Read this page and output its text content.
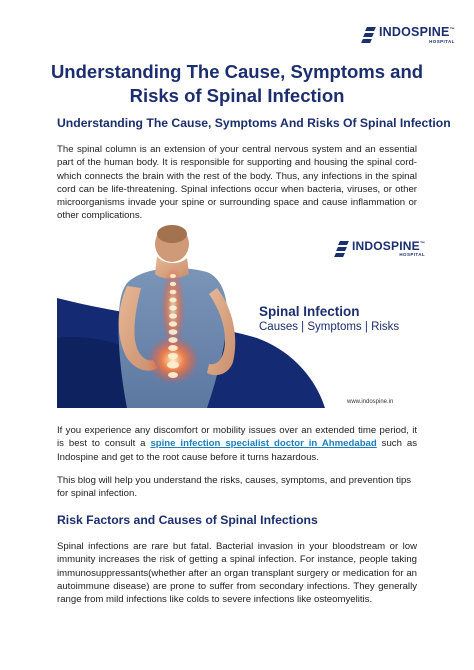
INDOSPINE™
HOSPITAL
Understanding The Cause, Symptoms and Risks of Spinal Infection
Understanding The Cause, Symptoms And Risks Of Spinal Infection

The spinal column is an extension of your central nervous system and an essential part of the human body. It is responsible for supporting and housing the spinal cord- which connects the brain with the rest of the body. Thus, any infections in the spinal cord can be life-threatening. Spinal infections occur when bacteria, viruses, or other microorganisms invade your spine or surrounding space and cause inflammation or other complications.

INDOSPINE™
HOSPITAL
Spinal Infection
Causes | Symptoms | Risks
www.indospine.in

If you experience any discomfort or mobility issues over an extended time period, it is best to consult a spine infection specialist doctor in Ahmedabad such as Indospine and get to the root cause before it turns hazardous.

This blog will help you understand the risks, causes, symptoms, and prevention tips for spinal infection.

Risk Factors and Causes of Spinal Infections

Spinal infections are rare but fatal. Bacterial invasion in your bloodstream or low immunity increases the risk of getting a spinal infection. For instance, people taking immunosuppressants(whether after an organ transplant surgery or medication for an autoimmune disease) are prone to suffer from secondary infections. They generally range from mild infections like colds to severe infections like osteomyelitis.
